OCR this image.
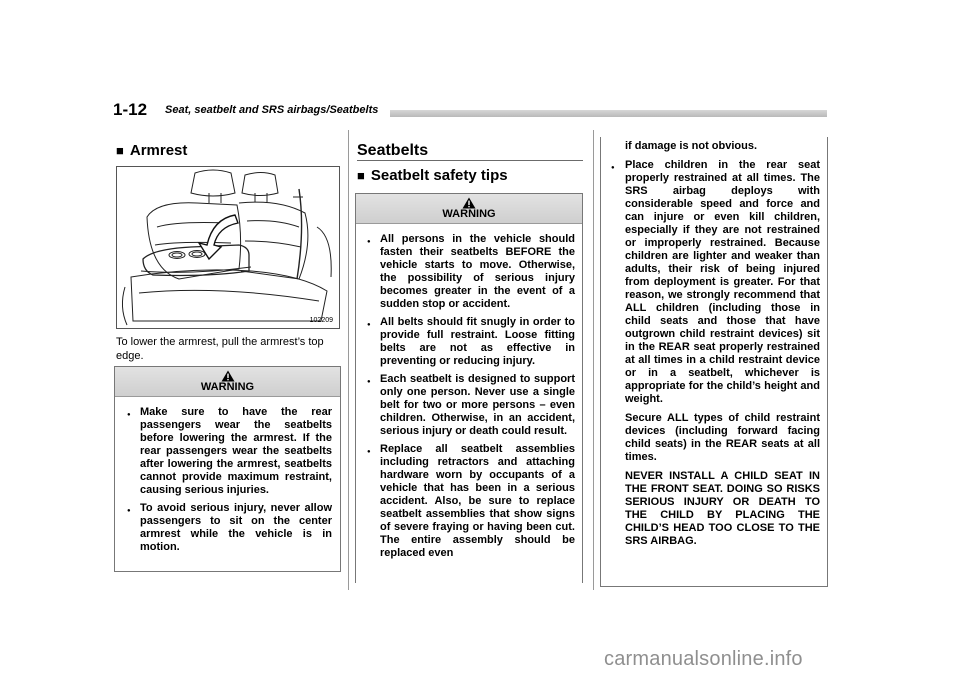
1-12 Seat, seatbelt and SRS airbags/Seatbelts
■ Armrest
102209
To lower the armrest, pull the armrest’s top edge.
WARNING
● Make sure to have the rear passengers wear the seatbelts before lowering the armrest. If the rear passengers wear the seatbelts after lowering the armrest, seatbelts cannot provide maximum restraint, causing serious injuries.
● To avoid serious injury, never allow passengers to sit on the center armrest while the vehicle is in motion.
Seatbelts
■ Seatbelt safety tips
WARNING
● All persons in the vehicle should fasten their seatbelts BEFORE the vehicle starts to move. Otherwise, the possibility of serious injury becomes greater in the event of a sudden stop or accident.
● All belts should fit snugly in order to provide full restraint. Loose fitting belts are not as effective in preventing or reducing injury.
● Each seatbelt is designed to support only one person. Never use a single belt for two or more persons – even children. Otherwise, in an accident, serious injury or death could result.
● Replace all seatbelt assemblies including retractors and attaching hardware worn by occupants of a vehicle that has been in a serious accident. Also, be sure to replace seatbelt assemblies that show signs of severe fraying or having been cut. The entire assembly should be replaced even
if damage is not obvious.
● Place children in the rear seat properly restrained at all times. The SRS airbag deploys with considerable speed and force and can injure or even kill children, especially if they are not restrained or improperly restrained. Because children are lighter and weaker than adults, their risk of being injured from deployment is greater. For that reason, we strongly recommend that ALL children (including those in child seats and those that have outgrown child restraint devices) sit in the REAR seat properly restrained at all times in a child restraint device or in a seatbelt, whichever is appropriate for the child’s height and weight.
Secure ALL types of child restraint devices (including forward facing child seats) in the REAR seats at all times.
NEVER INSTALL A CHILD SEAT IN THE FRONT SEAT. DOING SO RISKS SERIOUS INJURY OR DEATH TO THE CHILD BY PLACING THE CHILD’S HEAD TOO CLOSE TO THE SRS AIRBAG.
carmanualsonline.info
